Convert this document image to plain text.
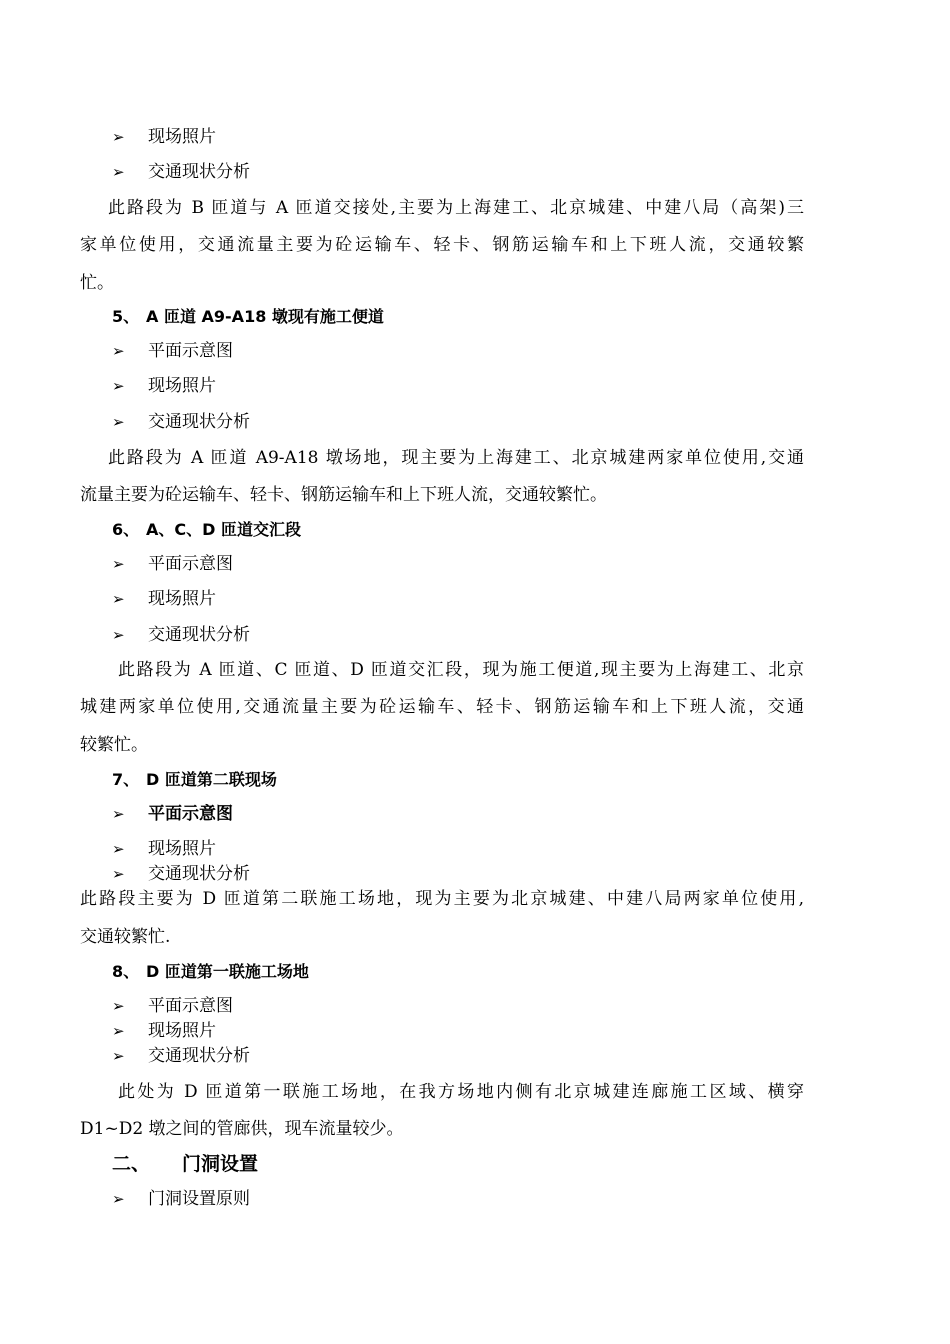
➢ 现场照片
➢ 交通现状分析
此路段为 B 匝道与 A 匝道交接处,主要为上海建工、北京城建、中建八局（高架)三
家单位使用，交通流量主要为砼运输车、轻卡、钢筋运输车和上下班人流，交通较繁
忙。
5、 A 匝道 A9-A18 墩现有施工便道
➢ 平面示意图
➢ 现场照片
➢ 交通现状分析
此路段为 A 匝道 A9-A18 墩场地，现主要为上海建工、北京城建两家单位使用,交通
流量主要为砼运输车、轻卡、钢筋运输车和上下班人流，交通较繁忙。
6、 A、C、D 匝道交汇段
➢ 平面示意图
➢ 现场照片
➢ 交通现状分析
此路段为 A 匝道、C 匝道、D 匝道交汇段，现为施工便道,现主要为上海建工、北京
城建两家单位使用,交通流量主要为砼运输车、轻卡、钢筋运输车和上下班人流，交通
较繁忙。
7、 D 匝道第二联现场
➢ 平面示意图
➢ 现场照片
➢ 交通现状分析
此路段主要为 D 匝道第二联施工场地，现为主要为北京城建、中建八局两家单位使用,
交通较繁忙.
8、 D 匝道第一联施工场地
➢ 平面示意图
➢ 现场照片
➢ 交通现状分析
此处为 D 匝道第一联施工场地，在我方场地内侧有北京城建连廊施工区域、横穿
D1~D2 墩之间的管廊供，现车流量较少。
二、 门洞设置
➢ 门洞设置原则
